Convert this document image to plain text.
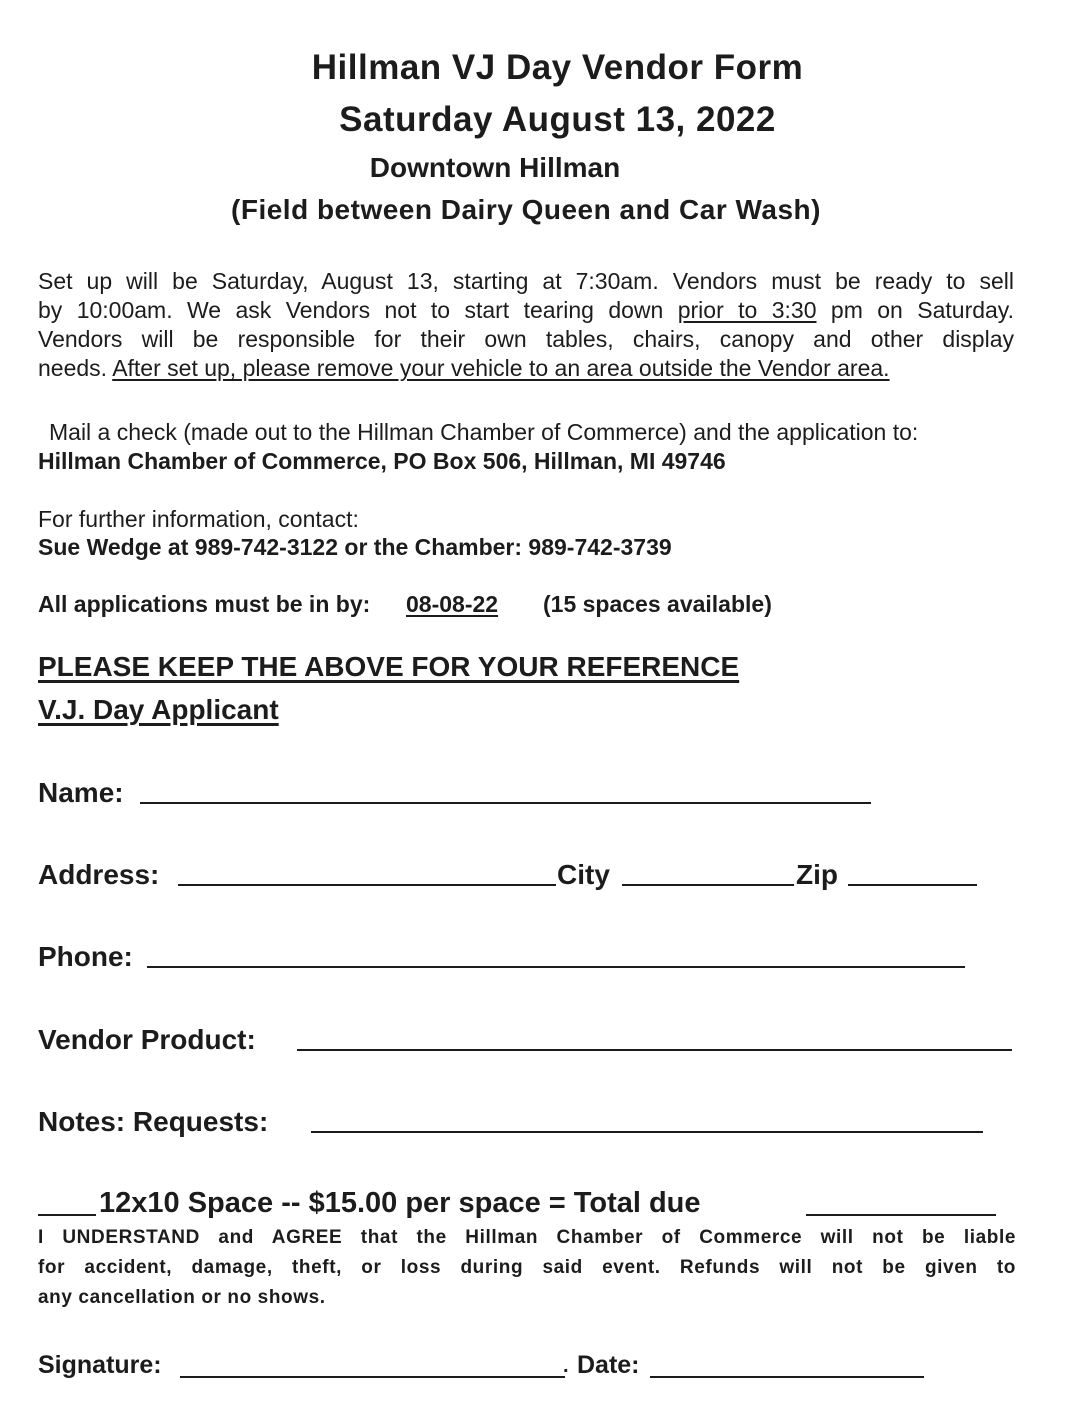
Hillman VJ Day Vendor Form
Saturday August 13, 2022
Downtown Hillman
(Field between Dairy Queen and Car Wash)
Set up will be Saturday, August 13, starting at 7:30am. Vendors must be ready to sell
by 10:00am. We ask Vendors not to start tearing down prior to 3:30 pm on Saturday.
Vendors will be responsible for their own tables, chairs, canopy and other display
needs. After set up, please remove your vehicle to an area outside the Vendor area.
Mail a check (made out to the Hillman Chamber of Commerce) and the application to:
Hillman Chamber of Commerce, PO Box 506, Hillman, MI 49746
For further information, contact:
Sue Wedge at 989-742-3122 or the Chamber: 989-742-3739
All applications must be in by: 08-08-22 (15 spaces available)
PLEASE KEEP THE ABOVE FOR YOUR REFERENCE
V.J. Day Applicant
Name:
Address:	City	Zip
Phone:
Vendor Product:
Notes: Requests:
12x10 Space -- $15.00 per space = Total due
I UNDERSTAND and AGREE that the Hillman Chamber of Commerce will not be liable
for accident, damage, theft, or loss during said event. Refunds will not be given to
any cancellation or no shows.
Signature:	. Date:
